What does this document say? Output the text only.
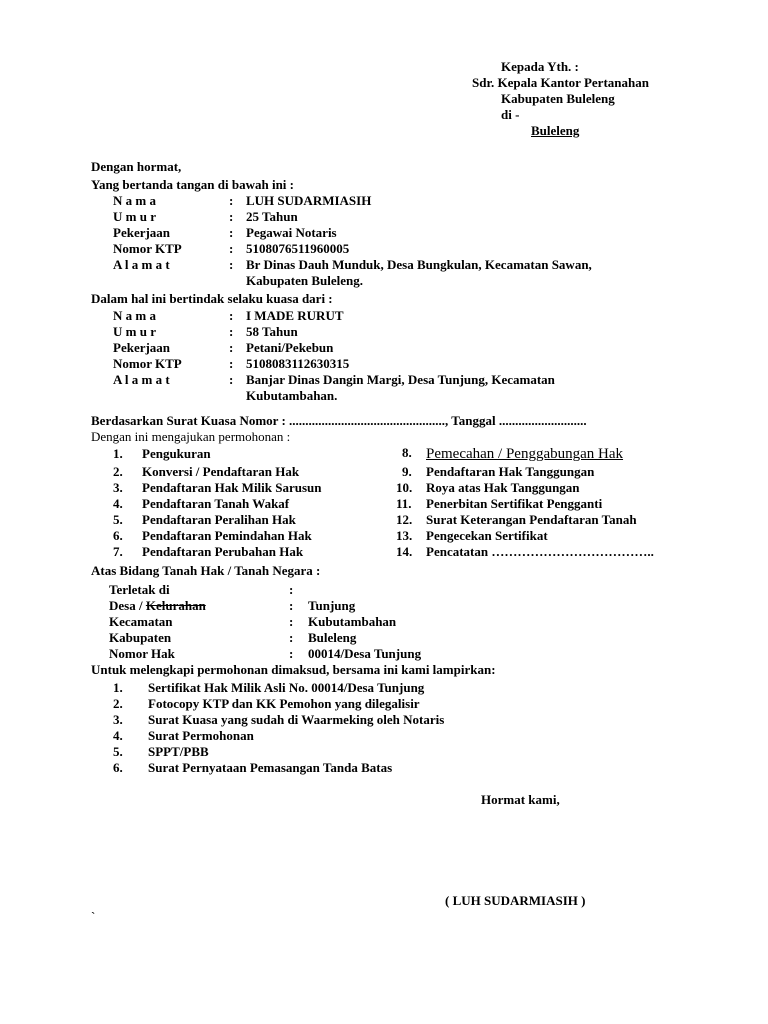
Kepada Yth. :
Sdr. Kepala Kantor Pertanahan
Kabupaten Buleleng
di -
Buleleng
Dengan hormat,
Yang bertanda tangan di bawah ini :
N a m a	: LUH SUDARMIASIH
U m u r	: 25 Tahun
Pekerjaan	: Pegawai Notaris
Nomor KTP	: 5108076511960005
A l a m a t	: Br Dinas Dauh Munduk, Desa Bungkulan, Kecamatan Sawan,
Kabupaten Buleleng.
Dalam hal ini bertindak selaku kuasa dari :
N a m a	: I MADE RURUT
U m u r	: 58 Tahun
Pekerjaan	: Petani/Pekebun
Nomor KTP	: 5108083112630315
A l a m a t	: Banjar Dinas Dangin Margi, Desa Tunjung, Kecamatan
Kubutambahan.
Berdasarkan Surat Kuasa Nomor : ................................................, Tanggal ...........................
Dengan ini mengajukan permohonan :
1. Pengukuran
2. Konversi / Pendaftaran Hak
3. Pendaftaran Hak Milik Sarusun
4. Pendaftaran Tanah Wakaf
5. Pendaftaran Peralihan Hak
6. Pendaftaran Pemindahan Hak
7. Pendaftaran Perubahan Hak
8. Pemecahan / Penggabungan Hak
9. Pendaftaran Hak Tanggungan
10. Roya atas Hak Tanggungan
11. Penerbitan Sertifikat Pengganti
12. Surat Keterangan Pendaftaran Tanah
13. Pengecekan Sertifikat
14. Pencatatan ………………………………..
Atas Bidang Tanah Hak / Tanah Negara :
Terletak di	:
Desa / Kelurahan	: Tunjung
Kecamatan	: Kubutambahan
Kabupaten	: Buleleng
Nomor Hak	: 00014/Desa Tunjung
Untuk melengkapi permohonan dimaksud, bersama ini kami lampirkan:
1. Sertifikat Hak Milik Asli No. 00014/Desa Tunjung
2. Fotocopy KTP dan KK Pemohon yang dilegalisir
3. Surat Kuasa yang sudah di Waarmeking oleh Notaris
4. Surat Permohonan
5. SPPT/PBB
6. Surat Pernyataan Pemasangan Tanda Batas
Hormat kami,
( LUH SUDARMIASIH )
`
